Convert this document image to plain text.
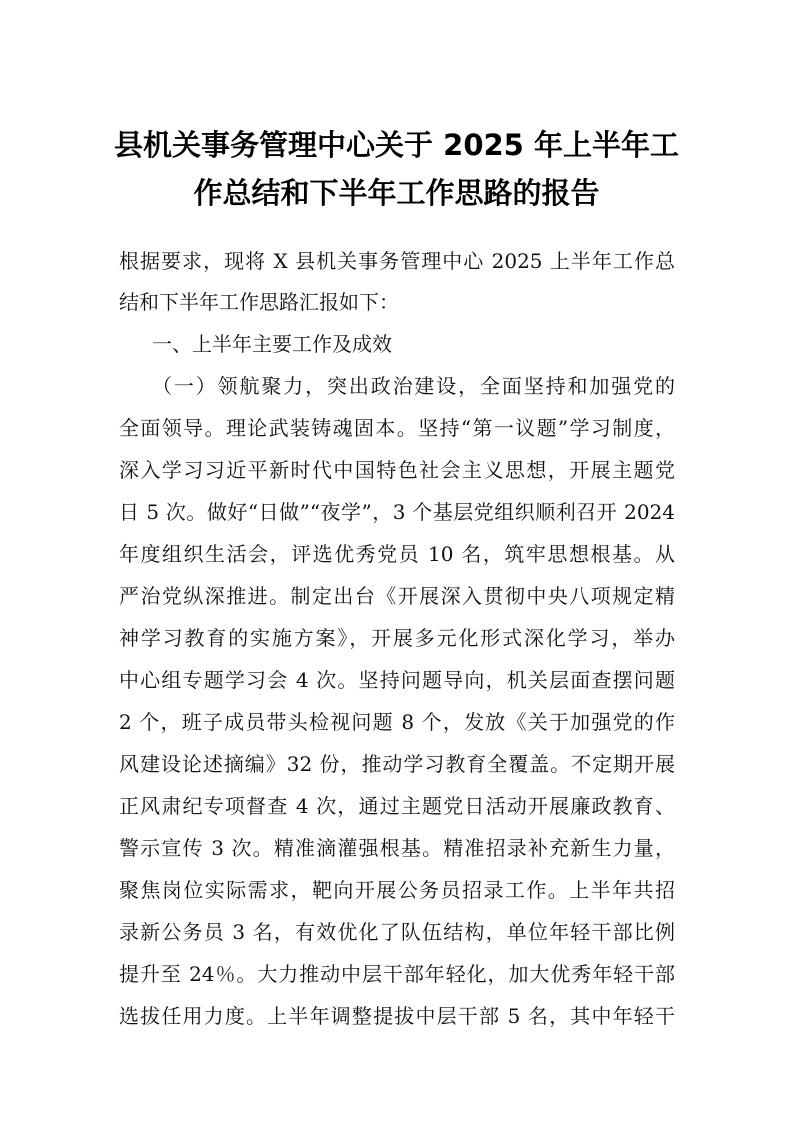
县机关事务管理中心关于 2025 年上半年工
作总结和下半年工作思路的报告
根据要求，现将 X 县机关事务管理中心 2025 上半年工作总
结和下半年工作思路汇报如下：
一、上半年主要工作及成效
（一）领航聚力，突出政治建设，全面坚持和加强党的
全面领导。理论武装铸魂固本。坚持“第一议题”学习制度，
深入学习习近平新时代中国特色社会主义思想，开展主题党
日 5 次。做好“日做”“夜学”，3 个基层党组织顺利召开 2024
年度组织生活会，评选优秀党员 10 名，筑牢思想根基。从
严治党纵深推进。制定出台《开展深入贯彻中央八项规定精
神学习教育的实施方案》，开展多元化形式深化学习，举办
中心组专题学习会 4 次。坚持问题导向，机关层面查摆问题
2 个，班子成员带头检视问题 8 个，发放《关于加强党的作
风建设论述摘编》32 份，推动学习教育全覆盖。不定期开展
正风肃纪专项督查 4 次，通过主题党日活动开展廉政教育、
警示宣传 3 次。精准滴灌强根基。精准招录补充新生力量，
聚焦岗位实际需求，靶向开展公务员招录工作。上半年共招
录新公务员 3 名，有效优化了队伍结构，单位年轻干部比例
提升至 24％。大力推动中层干部年轻化，加大优秀年轻干部
选拔任用力度。上半年调整提拔中层干部 5 名，其中年轻干
